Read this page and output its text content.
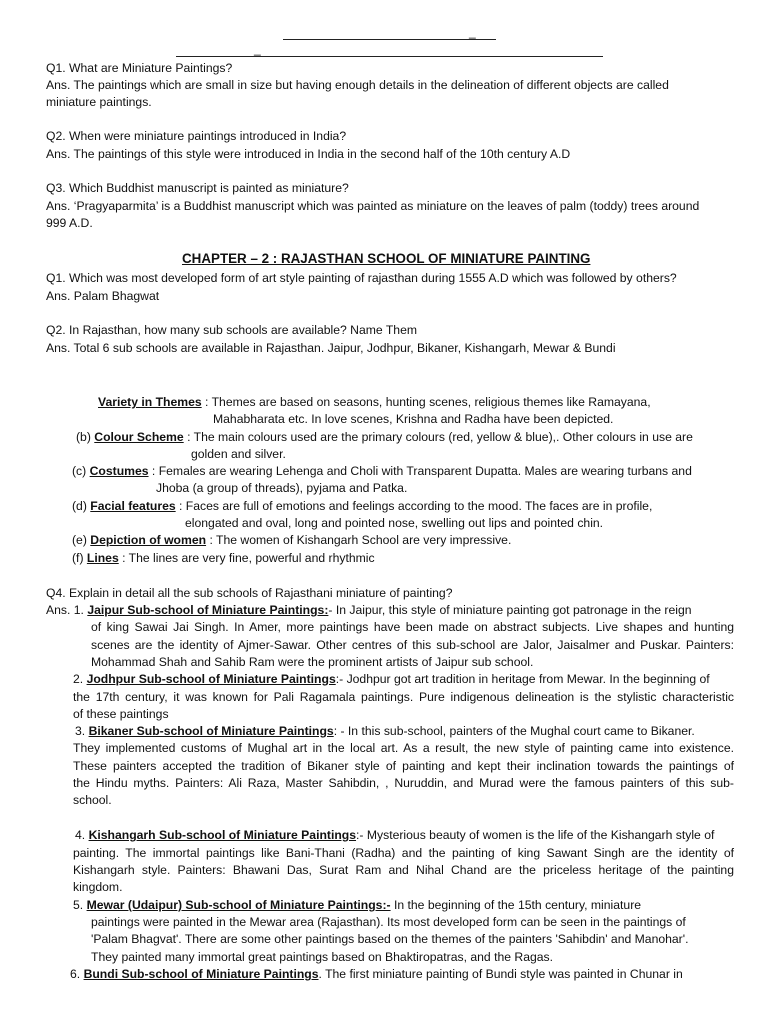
_
_
Q1. What are Miniature Paintings?
Ans. The paintings which are small in size but having enough details in the delineation of different objects are called
miniature paintings.
Q2. When were miniature paintings introduced in India?
Ans. The paintings of this style were introduced in India in the second half of the 10th century A.D
Q3. Which Buddhist manuscript is painted as miniature?
Ans. ‘Pragyaparmita’ is a Buddhist manuscript which was painted as miniature on the leaves of palm (toddy) trees around
999 A.D.
CHAPTER – 2 : RAJASTHAN SCHOOL OF MINIATURE PAINTING
Q1. Which was most developed form of art style painting of rajasthan during 1555 A.D which was followed by others?
Ans. Palam Bhagwat
Q2. In Rajasthan, how many sub schools are available? Name Them
Ans. Total 6 sub schools are available in Rajasthan. Jaipur, Jodhpur, Bikaner, Kishangarh, Mewar & Bundi
Variety in Themes : Themes are based on seasons, hunting scenes, religious themes like Ramayana,
Mahabharata etc. In love scenes, Krishna and Radha have been depicted.
(b) Colour Scheme : The main colours used are the primary colours (red, yellow & blue),. Other colours in use are
golden and silver.
(c) Costumes : Females are wearing Lehenga and Choli with Transparent Dupatta. Males are wearing turbans and
Jhoba (a group of threads), pyjama and Patka.
(d) Facial features : Faces are full of emotions and feelings according to the mood. The faces are in profile,
elongated and oval, long and pointed nose, swelling out lips and pointed chin.
(e) Depiction of women : The women of Kishangarh School are very impressive.
(f) Lines : The lines are very fine, powerful and rhythmic
Q4. Explain in detail all the sub schools of Rajasthani miniature of painting?
Ans. 1. Jaipur Sub-school of Miniature Paintings:- In Jaipur, this style of miniature painting got patronage in the reign
of king Sawai Jai Singh. In Amer, more paintings have been made on abstract subjects. Live shapes and hunting
scenes are the identity of Ajmer-Sawar. Other centres of this sub-school are Jalor, Jaisalmer and Puskar. Painters:
Mohammad Shah and Sahib Ram were the prominent artists of Jaipur sub school.
2. Jodhpur Sub-school of Miniature Paintings:- Jodhpur got art tradition in heritage from Mewar. In the beginning of
the 17th century, it was known for Pali Ragamala paintings. Pure indigenous delineation is the stylistic characteristic
of these paintings
3. Bikaner Sub-school of Miniature Paintings: - In this sub-school, painters of the Mughal court came to Bikaner.
They implemented customs of Mughal art in the local art. As a result, the new style of painting came into existence.
These painters accepted the tradition of Bikaner style of painting and kept their inclination towards the paintings of
the Hindu myths. Painters: Ali Raza, Master Sahibdin, , Nuruddin, and Murad were the famous painters of this sub-
school.
4. Kishangarh Sub-school of Miniature Paintings:- Mysterious beauty of women is the life of the Kishangarh style of
painting. The immortal paintings like Bani-Thani (Radha) and the painting of king Sawant Singh are the identity of
Kishangarh style. Painters: Bhawani Das, Surat Ram and Nihal Chand are the priceless heritage of the painting
kingdom.
5. Mewar (Udaipur) Sub-school of Miniature Paintings:- In the beginning of the 15th century, miniature
paintings were painted in the Mewar area (Rajasthan). Its most developed form can be seen in the paintings of
'Palam Bhagvat'. There are some other paintings based on the themes of the painters 'Sahibdin' and Manohar'.
They painted many immortal great paintings based on Bhaktiropatras, and the Ragas.
6. Bundi Sub-school of Miniature Paintings. The first miniature painting of Bundi style was painted in Chunar in
